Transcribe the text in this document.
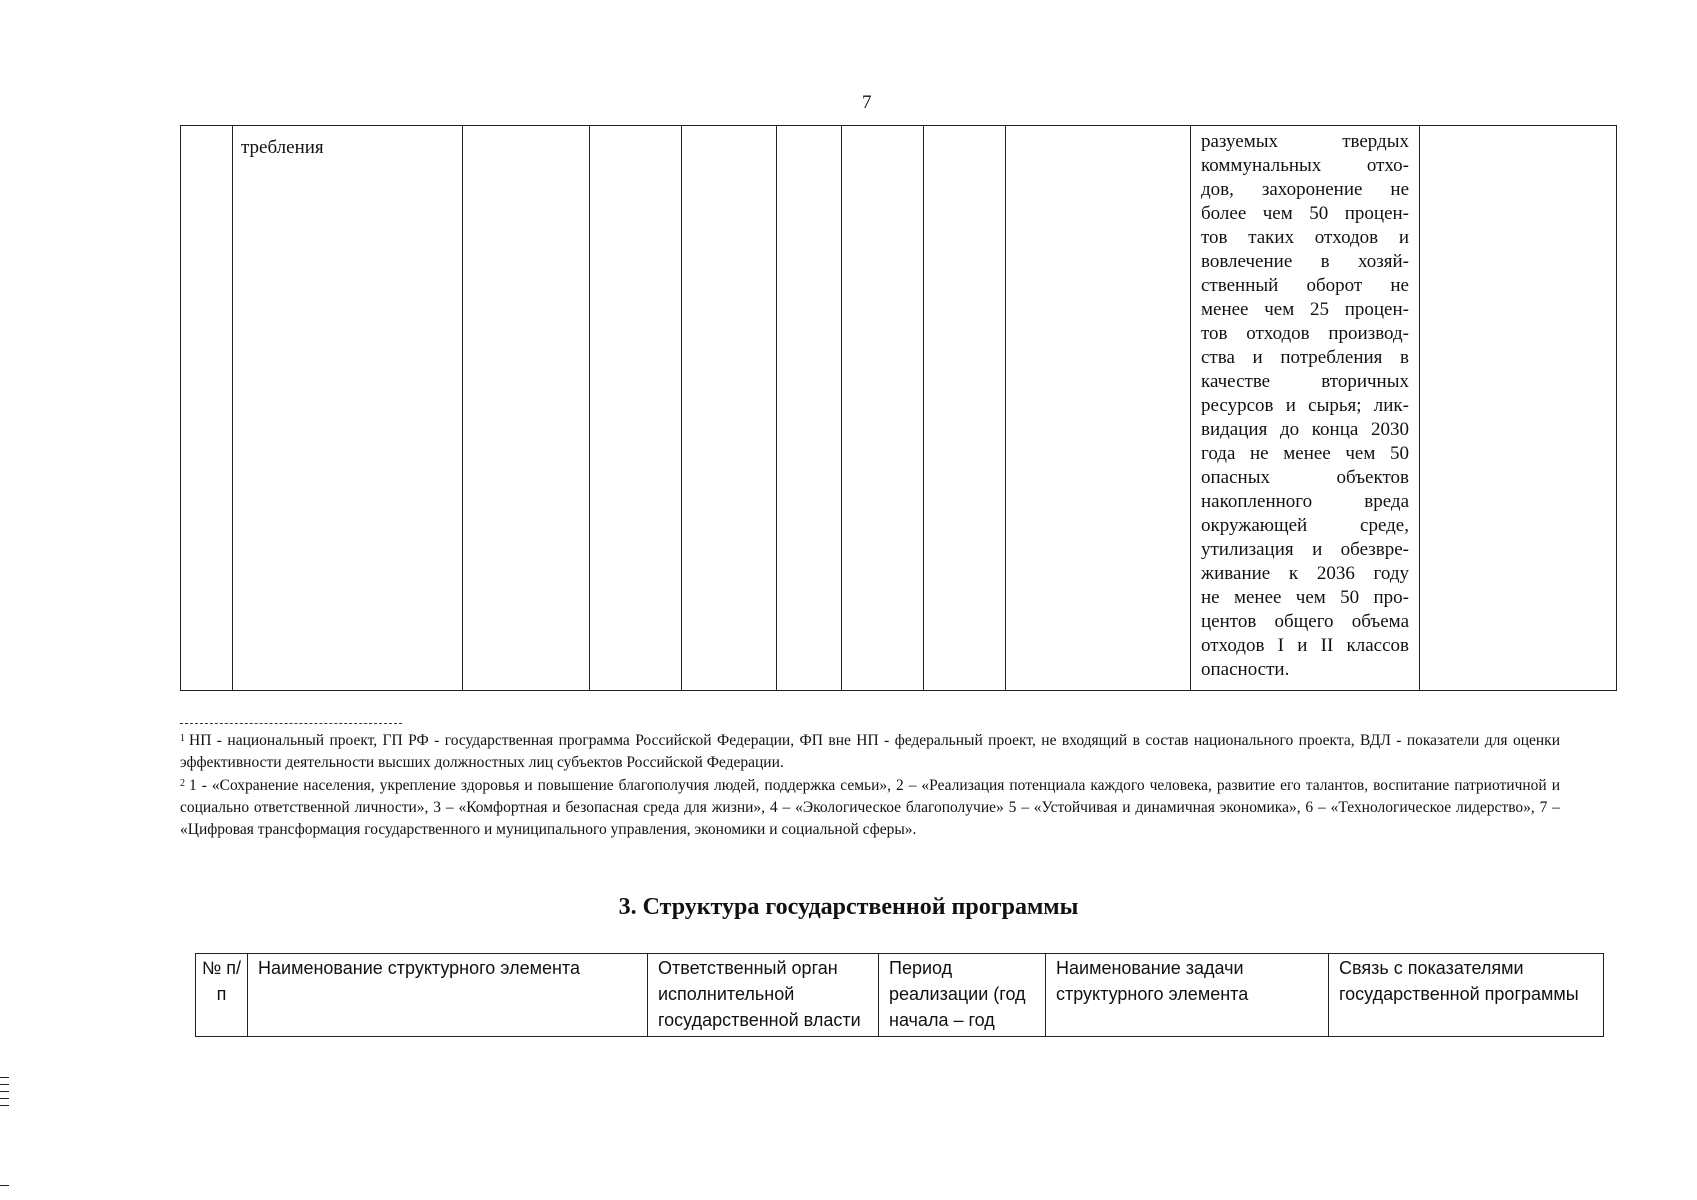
7
	требления								разуемых твердых
коммунальных отхо-
дов, захоронение не
более чем 50 процен-
тов таких отходов и
вовлечение в хозяй-
ственный оборот не
менее чем 25 процен-
тов отходов производ-
ства и потребления в
качестве вторичных
ресурсов и сырья; лик-
видация до конца 2030
года не менее чем 50
опасных объектов
накопленного вреда
окружающей среде,
утилизация и обезвре-
живание к 2036 году
не менее чем 50 про-
центов общего объема
отходов I и II классов
опасности.

$^1$ НП - национальный проект, ГП РФ - государственная программа Российской Федерации, ФП вне НП - федеральный проект, не входящий в состав национального проекта, ВДЛ - показатели для оценки эффективности деятельности высших должностных лиц субъектов Российской Федерации.
$^2$ 1 - «Сохранение населения, укрепление здоровья и повышение благополучия людей, поддержка семьи», 2 – «Реализация потенциала каждого человека, развитие его талантов, воспитание патриотичной и социально ответственной личности», 3 – «Комфортная и безопасная среда для жизни», 4 – «Экологическое благополучие» 5 – «Устойчивая и динамичная экономика», 6 – «Технологическое лидерство», 7 – «Цифровая трансформация государственного и муниципального управления, экономики и социальной сферы».
3. Структура государственной программы
№ п/п	Наименование структурного элемента	Ответственный орган исполнительной государственной власти	Период реализации (год начала – год	Наименование задачи структурного элемента	Связь с показателями государственной программы
